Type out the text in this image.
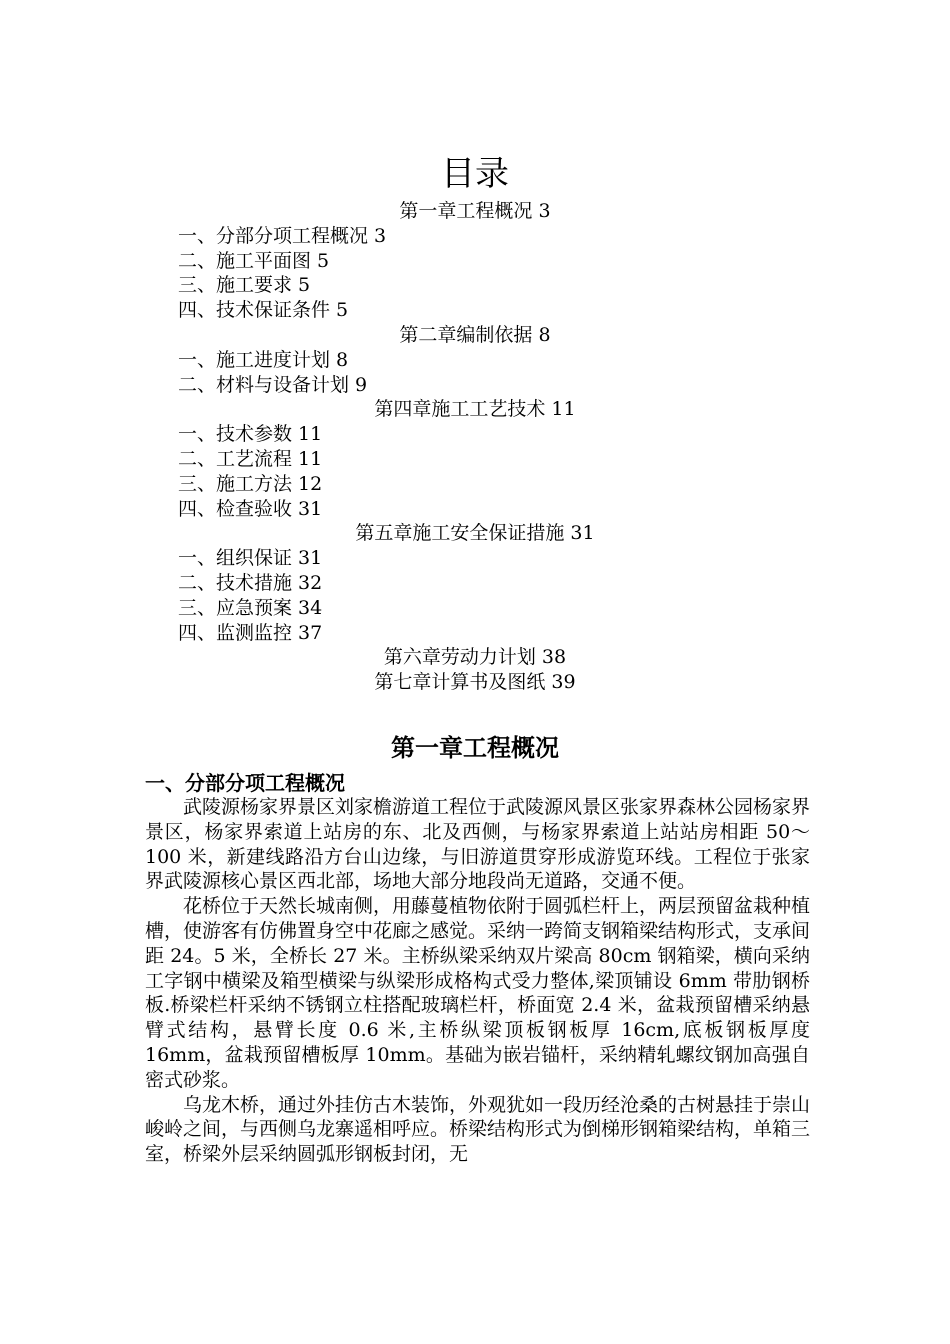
目录
第一章工程概况 3
一、分部分项工程概况 3
二、施工平面图 5
三、施工要求 5
四、技术保证条件 5
第二章编制依据 8
一、施工进度计划 8
二、材料与设备计划 9
第四章施工工艺技术 11
一、技术参数 11
二、工艺流程 11
三、施工方法 12
四、检查验收 31
第五章施工安全保证措施 31
一、组织保证 31
二、技术措施 32
三、应急预案 34
四、监测监控 37
第六章劳动力计划 38
第七章计算书及图纸 39
第一章工程概况
一、分部分项工程概况

武陵源杨家界景区刘家檐游道工程位于武陵源风景区张家界森林公园杨家界景区，杨家界索道上站房的东、北及西侧，与杨家界索道上站站房相距 50～100 米，新建线路沿方台山边缘，与旧游道贯穿形成游览环线。工程位于张家界武陵源核心景区西北部，场地大部分地段尚无道路，交通不便。

花桥位于天然长城南侧，用藤蔓植物依附于圆弧栏杆上，两层预留盆栽种植槽，使游客有仿佛置身空中花廊之感觉。采纳一跨简支钢箱梁结构形式，支承间距 24。5 米，全桥长 27 米。主桥纵梁采纳双片梁高 80cm 钢箱梁，横向采纳工字钢中横梁及箱型横梁与纵梁形成格构式受力整体,梁顶铺设 6mm 带肋钢桥板.桥梁栏杆采纳不锈钢立柱搭配玻璃栏杆，桥面宽 2.4 米，盆栽预留槽采纳悬臂式结构，悬臂长度 0.6 米,主桥纵梁顶板钢板厚 16cm,底板钢板厚度 16mm，盆栽预留槽板厚 10mm。基础为嵌岩锚杆，采纳精轧螺纹钢加高强自密式砂浆。

乌龙木桥，通过外挂仿古木装饰，外观犹如一段历经沧桑的古树悬挂于崇山峻岭之间，与西侧乌龙寨遥相呼应。桥梁结构形式为倒梯形钢箱梁结构，单箱三室，桥梁外层采纳圆弧形钢板封闭，无
